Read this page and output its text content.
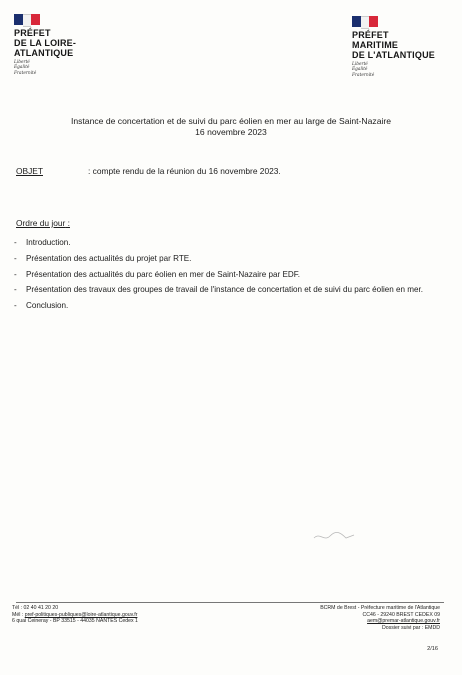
PRÉFET
DE LA LOIRE-
ATLANTIQUE
Liberté
Égalité
Fraternité
PRÉFET
MARITIME
DE L'ATLANTIQUE
Liberté
Égalité
Fraternité
Instance de concertation et de suivi du parc éolien en mer au large de Saint-Nazaire
16 novembre 2023
OBJET	: compte rendu de la réunion du 16 novembre 2023.
Ordre du jour :
- Introduction.
- Présentation des actualités du projet par RTE.
- Présentation des actualités du parc éolien en mer de Saint-Nazaire par EDF.
- Présentation des travaux des groupes de travail de l'instance de concertation et de suivi du parc éolien en mer.
- Conclusion.
Tél : 02 40 41 20 20
Mél : pref-politiques-publiques@loire-atlantique.gouv.fr
6 quai Ceineray - BP 33515 - 44035 NANTES Cedex 1
BCRM de Brest - Préfecture maritime de l'Atlantique
CC46 - 29240 BREST CEDEX 09
aem@premar-atlantique.gouv.fr
Dossier suivi par : EMDD
2/16
